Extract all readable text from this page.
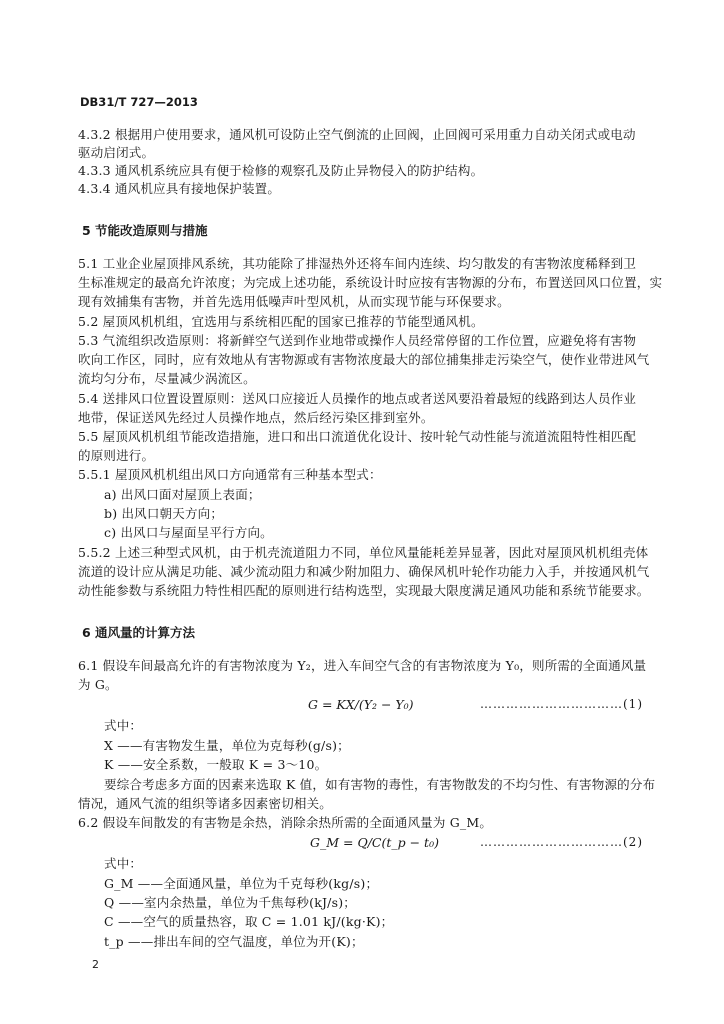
DB31/T 727—2013
4.3.2 根据用户使用要求，通风机可设防止空气倒流的止回阀，止回阀可采用重力自动关闭式或电动
驱动启闭式。
4.3.3 通风机系统应具有便于检修的观察孔及防止异物侵入的防护结构。
4.3.4 通风机应具有接地保护装置。
5 节能改造原则与措施
5.1 工业企业屋顶排风系统，其功能除了排湿热外还将车间内连续、均匀散发的有害物浓度稀释到卫
生标准规定的最高允许浓度；为完成上述功能，系统设计时应按有害物源的分布，布置送回风口位置，实
现有效捕集有害物，并首先选用低噪声叶型风机，从而实现节能与环保要求。
5.2 屋顶风机机组，宜选用与系统相匹配的国家已推荐的节能型通风机。
5.3 气流组织改造原则：将新鲜空气送到作业地带或操作人员经常停留的工作位置，应避免将有害物
吹向工作区，同时，应有效地从有害物源或有害物浓度最大的部位捕集排走污染空气，使作业带进风气
流均匀分布，尽量减少涡流区。
5.4 送排风口位置设置原则：送风口应接近人员操作的地点或者送风要沿着最短的线路到达人员作业
地带，保证送风先经过人员操作地点，然后经污染区排到室外。
5.5 屋顶风机机组节能改造措施，进口和出口流道优化设计、按叶轮气动性能与流道流阻特性相匹配
的原则进行。
5.5.1 屋顶风机机组出风口方向通常有三种基本型式：
a) 出风口面对屋顶上表面；
b) 出风口朝天方向；
c) 出风口与屋面呈平行方向。
5.5.2 上述三种型式风机，由于机壳流道阻力不同，单位风量能耗差异显著，因此对屋顶风机机组壳体
流道的设计应从满足功能、减少流动阻力和减少附加阻力、确保风机叶轮作功能力入手，并按通风机气
动性能参数与系统阻力特性相匹配的原则进行结构选型，实现最大限度满足通风功能和系统节能要求。
6 通风量的计算方法
6.1 假设车间最高允许的有害物浓度为 Y₂，进入车间空气含的有害物浓度为 Y₀，则所需的全面通风量
为 G。
G = KX/(Y₂ − Y₀)	……………………………(1)
式中：
X ——有害物发生量，单位为克每秒(g/s)；
K ——安全系数，一般取 K = 3～10。
要综合考虑多方面的因素来选取 K 值，如有害物的毒性，有害物散发的不均匀性、有害物源的分布
情况，通风气流的组织等诸多因素密切相关。
6.2 假设车间散发的有害物是余热，消除余热所需的全面通风量为 G_M。
G_M = Q/C(t_p − t₀)	……………………………(2)
式中：
G_M ——全面通风量，单位为千克每秒(kg/s)；
Q ——室内余热量，单位为千焦每秒(kJ/s)；
C ——空气的质量热容，取 C = 1.01 kJ/(kg·K)；
t_p ——排出车间的空气温度，单位为开(K)；
2
